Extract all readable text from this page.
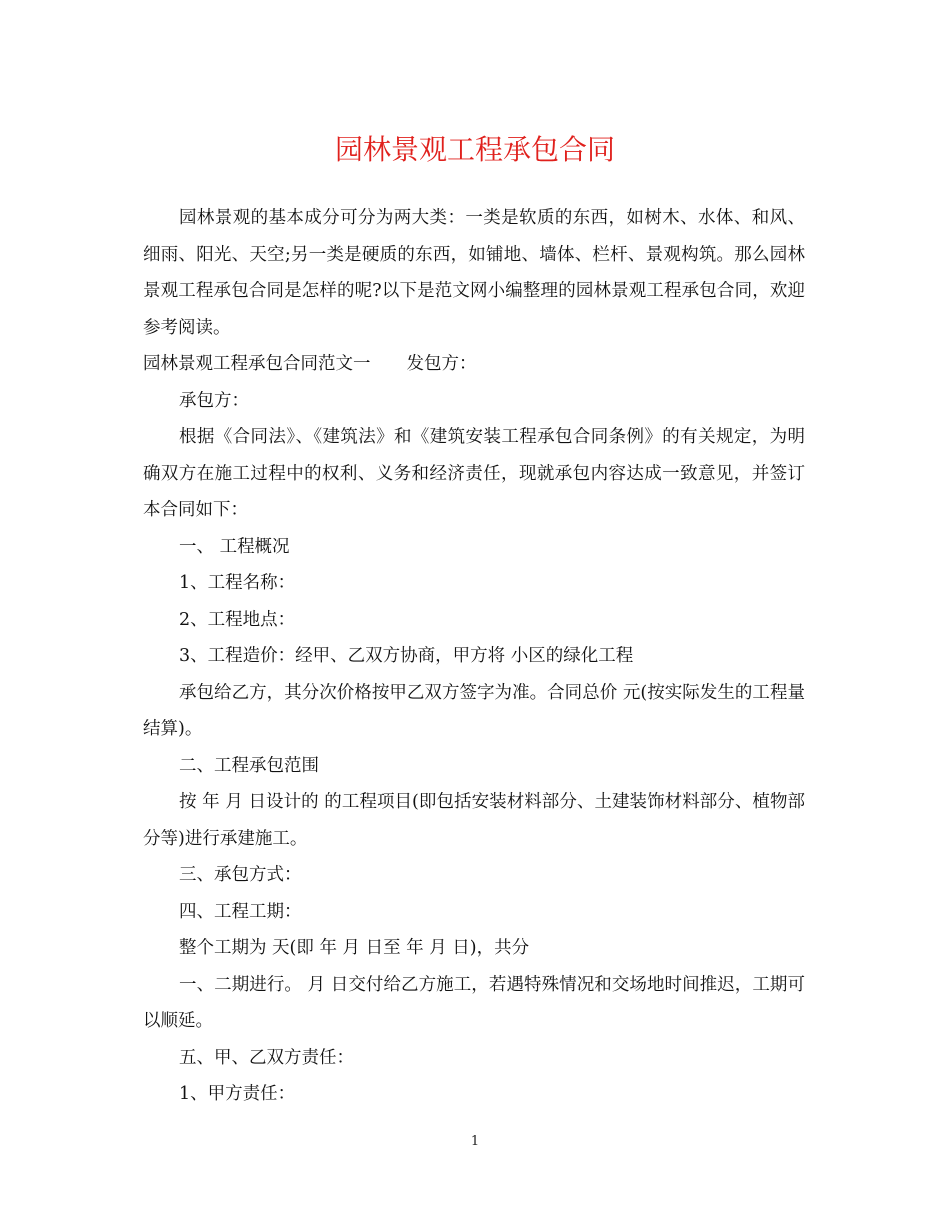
园林景观工程承包合同

园林景观的基本成分可分为两大类：一类是软质的东西，如树木、水体、和风、细雨、阳光、天空;另一类是硬质的东西，如铺地、墙体、栏杆、景观构筑。那么园林景观工程承包合同是怎样的呢?以下是范文网小编整理的园林景观工程承包合同，欢迎参考阅读。

园林景观工程承包合同范文一 发包方：

承包方：

根据《合同法》、《建筑法》和《建筑安装工程承包合同条例》的有关规定，为明确双方在施工过程中的权利、义务和经济责任，现就承包内容达成一致意见，并签订本合同如下：

一、 工程概况

1、工程名称：

2、工程地点：

3、工程造价：经甲、乙双方协商，甲方将 小区的绿化工程

承包给乙方，其分次价格按甲乙双方签字为准。合同总价 元(按实际发生的工程量结算)。

二、工程承包范围

按 年 月 日设计的 的工程项目(即包括安装材料部分、土建装饰材料部分、植物部分等)进行承建施工。

三、承包方式：

四、工程工期：

整个工期为 天(即 年 月 日至 年 月 日)，共分

一、二期进行。 月 日交付给乙方施工，若遇特殊情况和交场地时间推迟，工期可以顺延。

五、甲、乙双方责任：

1、甲方责任：

1
